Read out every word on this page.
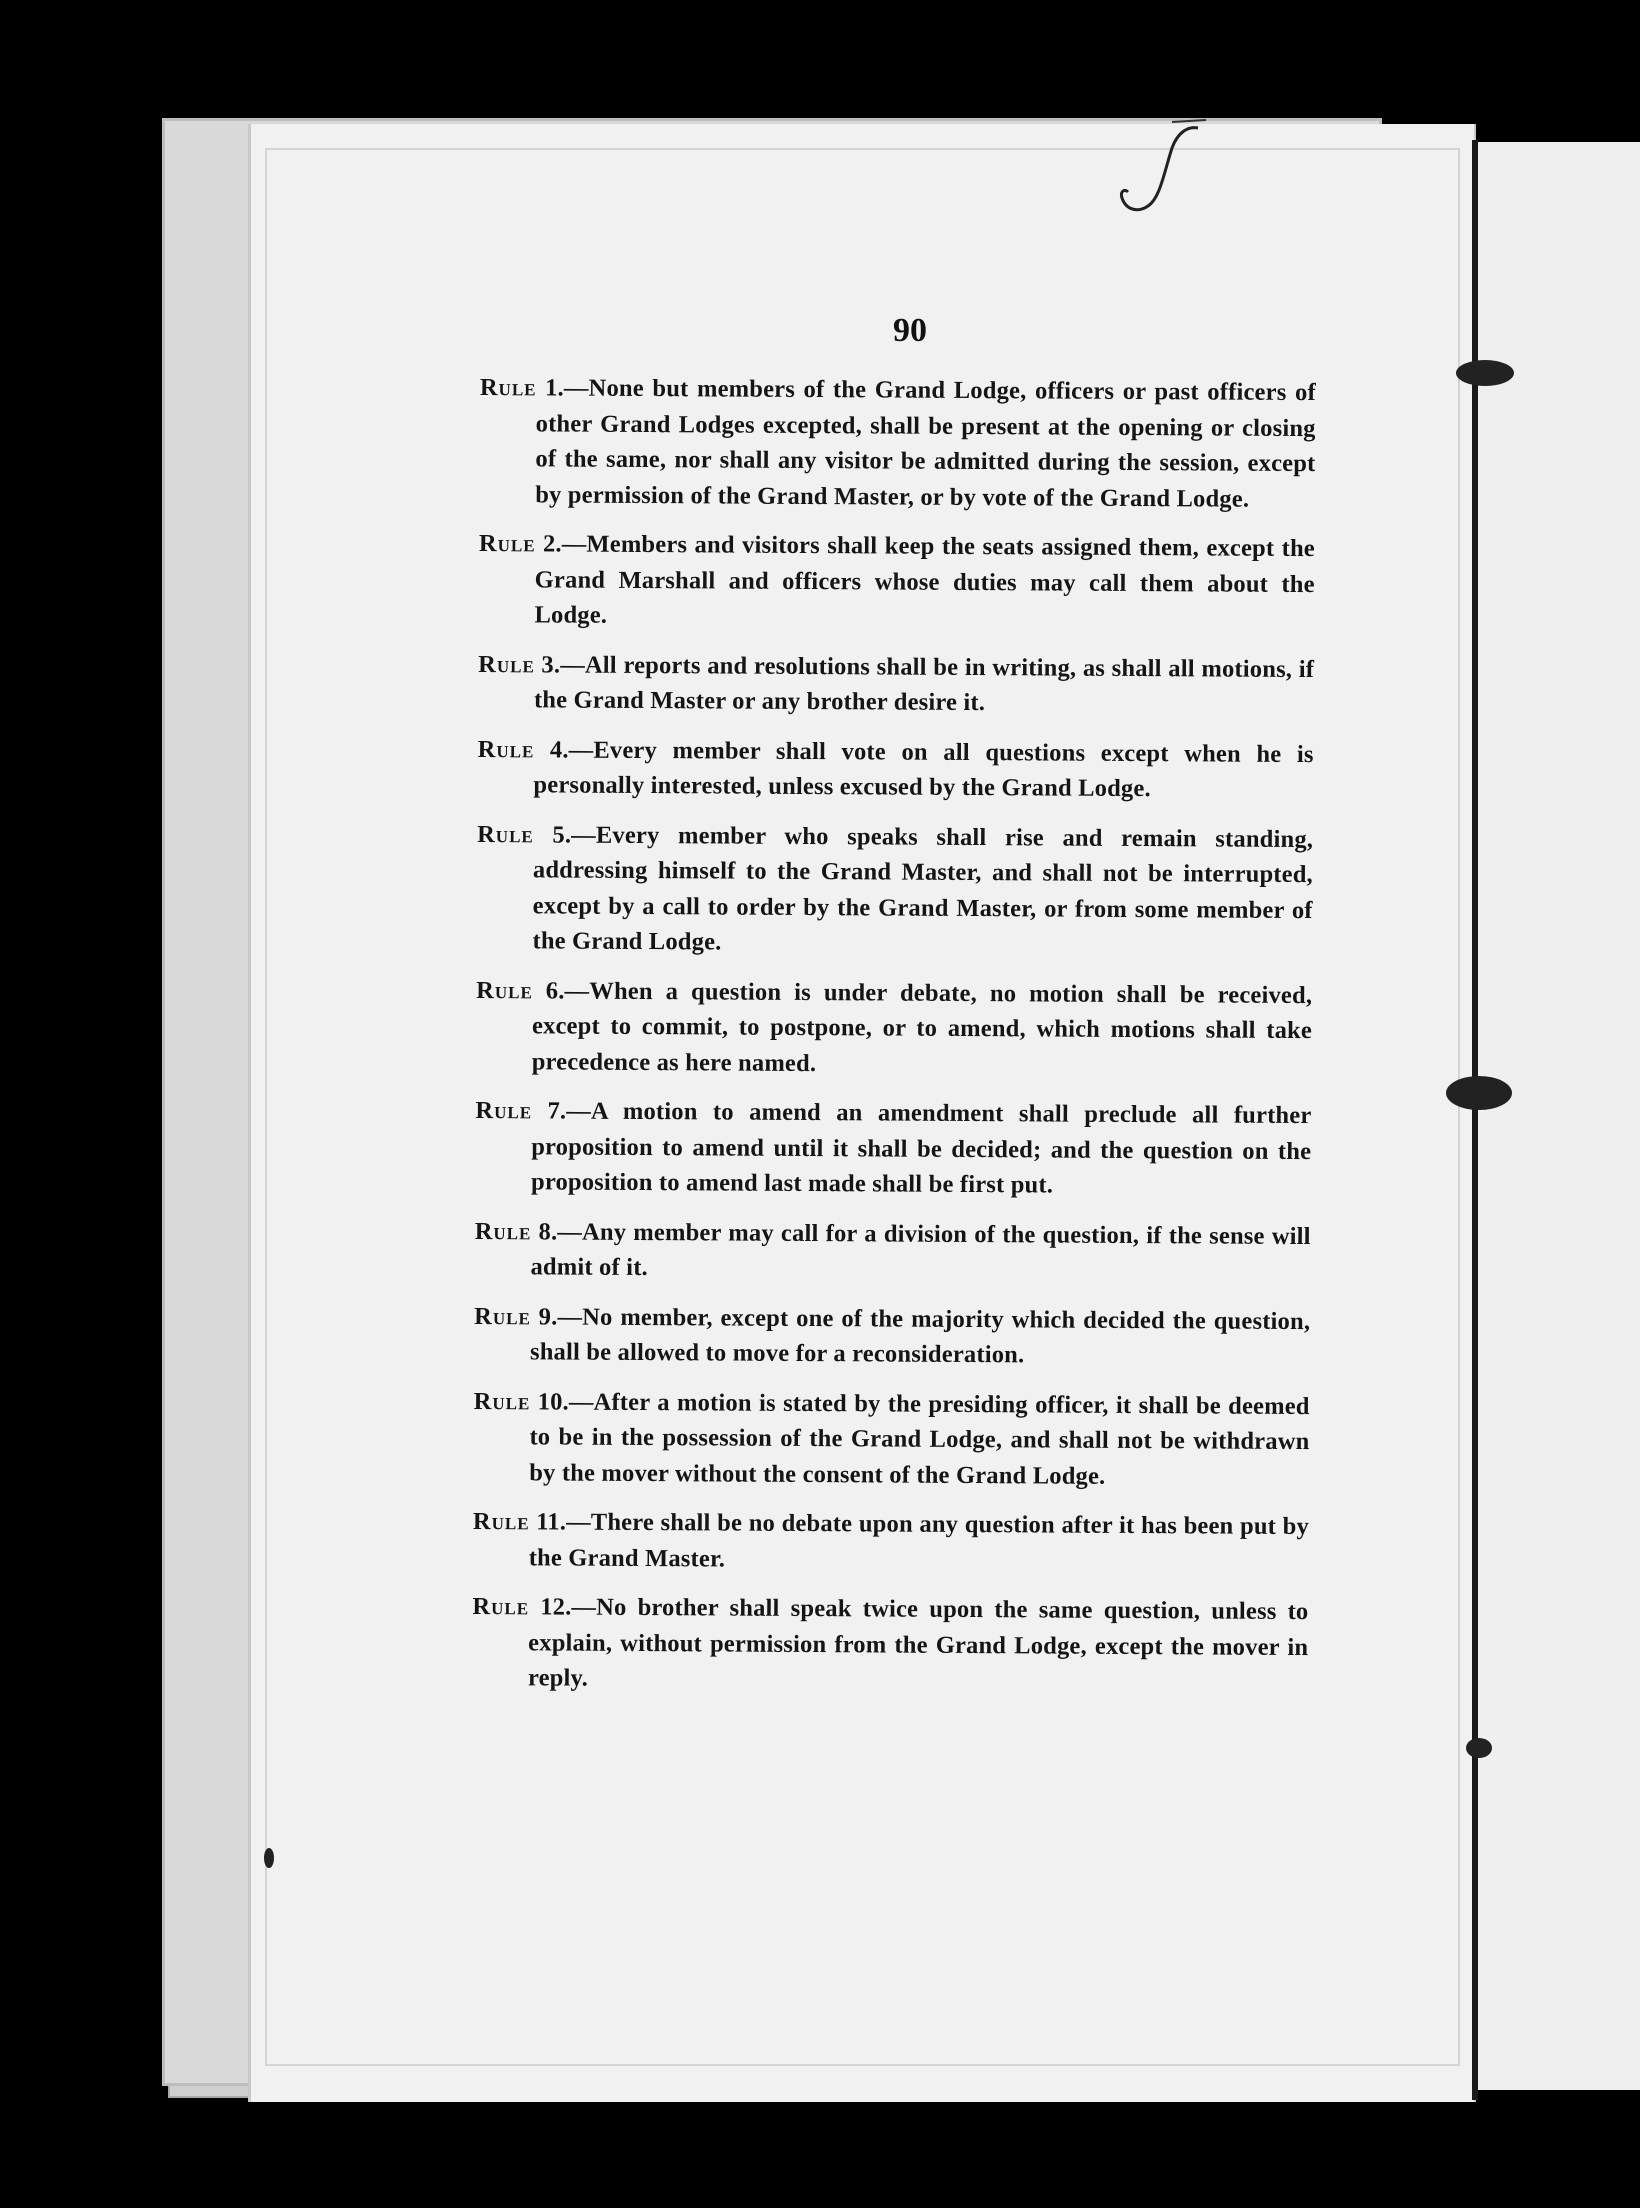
90

Rule 1.—None but members of the Grand Lodge, officers or past officers of other Grand Lodges excepted, shall be present at the opening or closing of the same, nor shall any visitor be admitted during the session, except by permission of the Grand Master, or by vote of the Grand Lodge.

Rule 2.—Members and visitors shall keep the seats assigned them, except the Grand Marshall and officers whose duties may call them about the Lodge.

Rule 3.—All reports and resolutions shall be in writing, as shall all motions, if the Grand Master or any brother desire it.

Rule 4.—Every member shall vote on all questions except when he is personally interested, unless excused by the Grand Lodge.

Rule 5.—Every member who speaks shall rise and remain standing, addressing himself to the Grand Master, and shall not be interrupted, except by a call to order by the Grand Master, or from some member of the Grand Lodge.

Rule 6.—When a question is under debate, no motion shall be received, except to commit, to postpone, or to amend, which motions shall take precedence as here named.

Rule 7.—A motion to amend an amendment shall preclude all further proposition to amend until it shall be decided; and the question on the proposition to amend last made shall be first put.

Rule 8.—Any member may call for a division of the question, if the sense will admit of it.

Rule 9.—No member, except one of the majority which decided the question, shall be allowed to move for a reconsideration.

Rule 10.—After a motion is stated by the presiding officer, it shall be deemed to be in the possession of the Grand Lodge, and shall not be withdrawn by the mover without the consent of the Grand Lodge.

Rule 11.—There shall be no debate upon any question after it has been put by the Grand Master.

Rule 12.—No brother shall speak twice upon the same question, unless to explain, without permission from the Grand Lodge, except the mover in reply.
